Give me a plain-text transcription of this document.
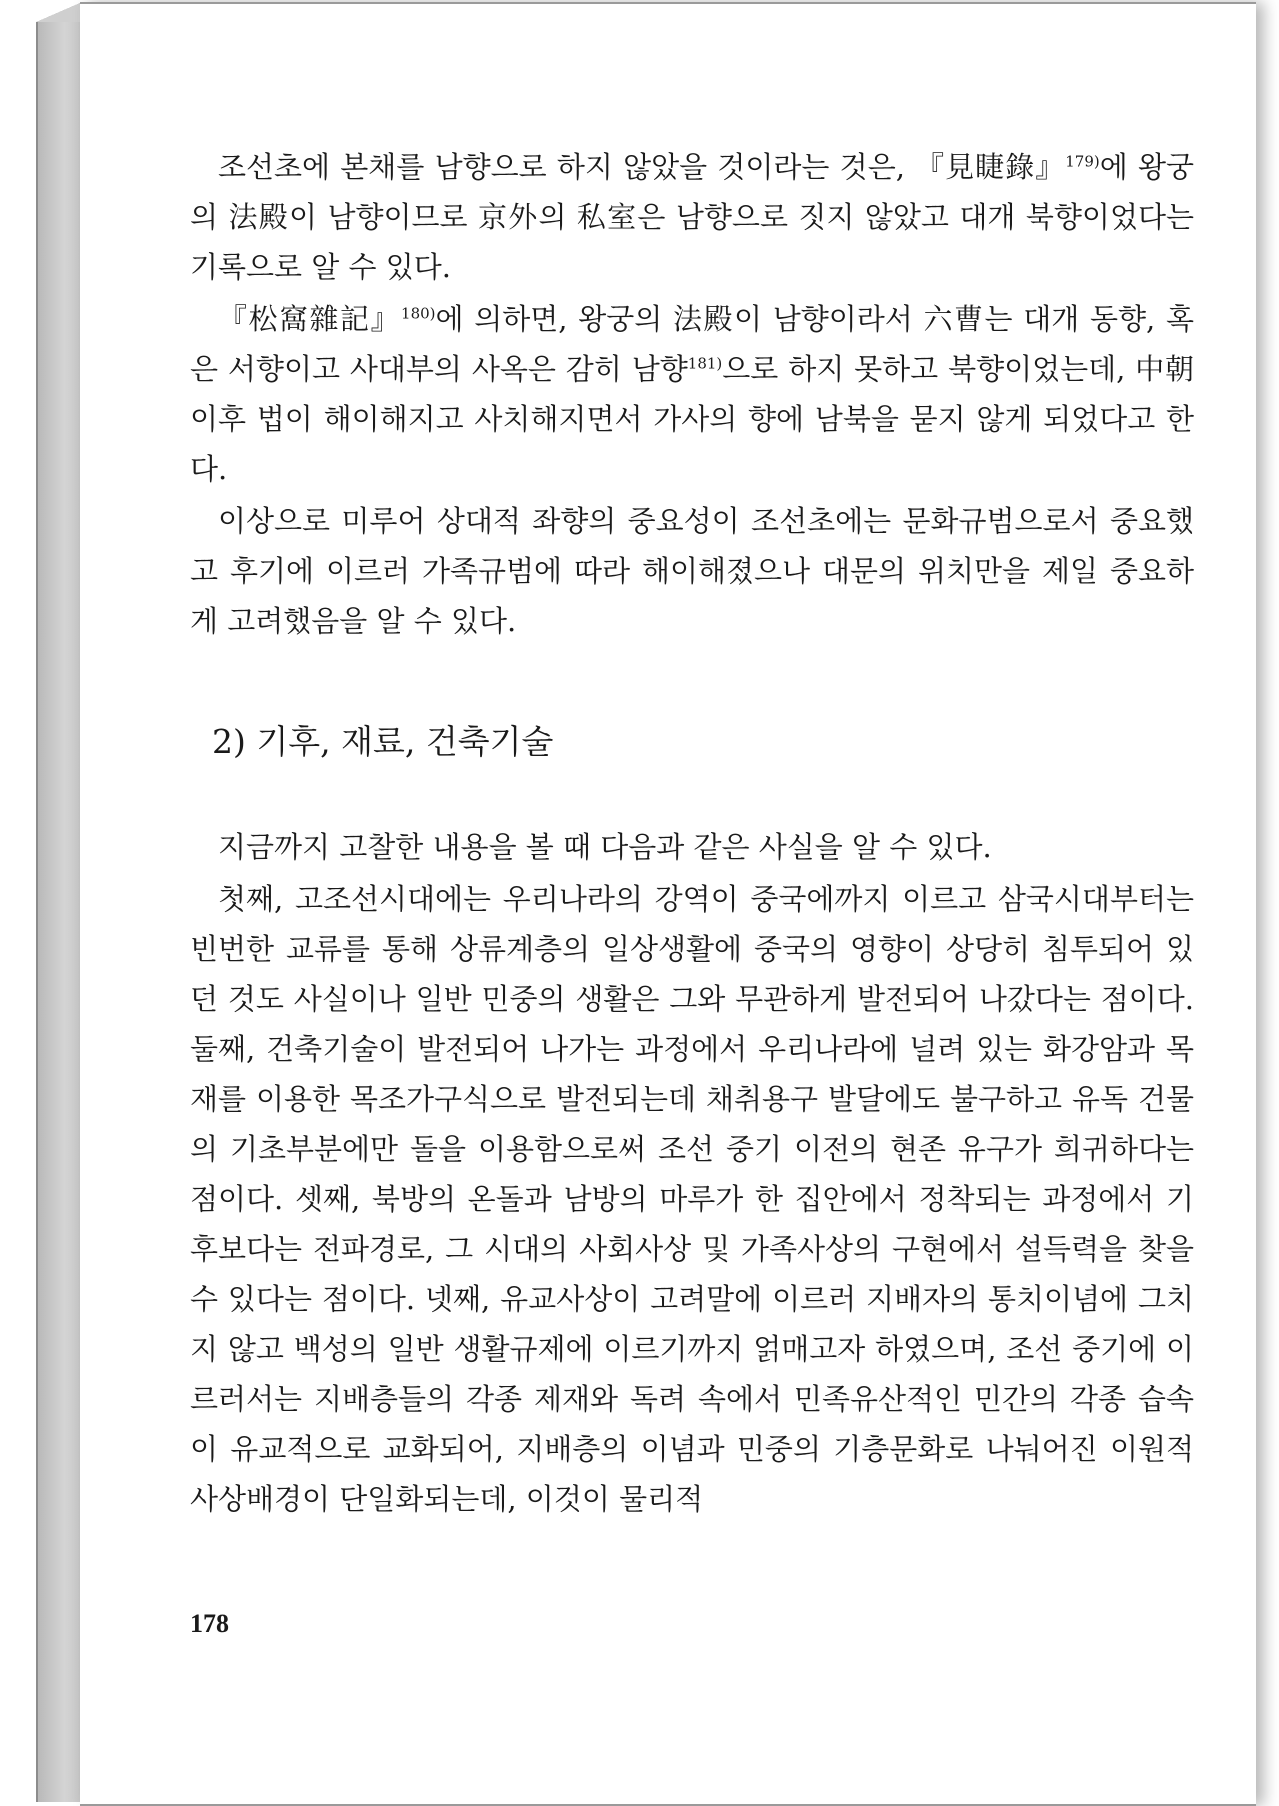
조선초에 본채를 남향으로 하지 않았을 것이라는 것은, 『見睫錄』$^{179)}$에 왕궁의 法殿이 남향이므로 京外의 私室은 남향으로 짓지 않았고 대개 북향이었다는 기록으로 알 수 있다.

『松窩雜記』$^{180)}$에 의하면, 왕궁의 法殿이 남향이라서 六曹는 대개 동향, 혹은 서향이고 사대부의 사옥은 감히 남향$^{181)}$으로 하지 못하고 북향이었는데, 中朝 이후 법이 해이해지고 사치해지면서 가사의 향에 남북을 묻지 않게 되었다고 한다.

이상으로 미루어 상대적 좌향의 중요성이 조선초에는 문화규범으로서 중요했고 후기에 이르러 가족규범에 따라 해이해졌으나 대문의 위치만을 제일 중요하게 고려했음을 알 수 있다.

2) 기후, 재료, 건축기술

지금까지 고찰한 내용을 볼 때 다음과 같은 사실을 알 수 있다.

첫째, 고조선시대에는 우리나라의 강역이 중국에까지 이르고 삼국시대부터는 빈번한 교류를 통해 상류계층의 일상생활에 중국의 영향이 상당히 침투되어 있던 것도 사실이나 일반 민중의 생활은 그와 무관하게 발전되어 나갔다는 점이다. 둘째, 건축기술이 발전되어 나가는 과정에서 우리나라에 널려 있는 화강암과 목재를 이용한 목조가구식으로 발전되는데 채취용구 발달에도 불구하고 유독 건물의 기초부분에만 돌을 이용함으로써 조선 중기 이전의 현존 유구가 희귀하다는 점이다. 셋째, 북방의 온돌과 남방의 마루가 한 집안에서 정착되는 과정에서 기후보다는 전파경로, 그 시대의 사회사상 및 가족사상의 구현에서 설득력을 찾을 수 있다는 점이다. 넷째, 유교사상이 고려말에 이르러 지배자의 통치이념에 그치지 않고 백성의 일반 생활규제에 이르기까지 얽매고자 하였으며, 조선 중기에 이르러서는 지배층들의 각종 제재와 독려 속에서 민족유산적인 민간의 각종 습속이 유교적으로 교화되어, 지배층의 이념과 민중의 기층문화로 나눠어진 이원적 사상배경이 단일화되는데, 이것이 물리적

178
